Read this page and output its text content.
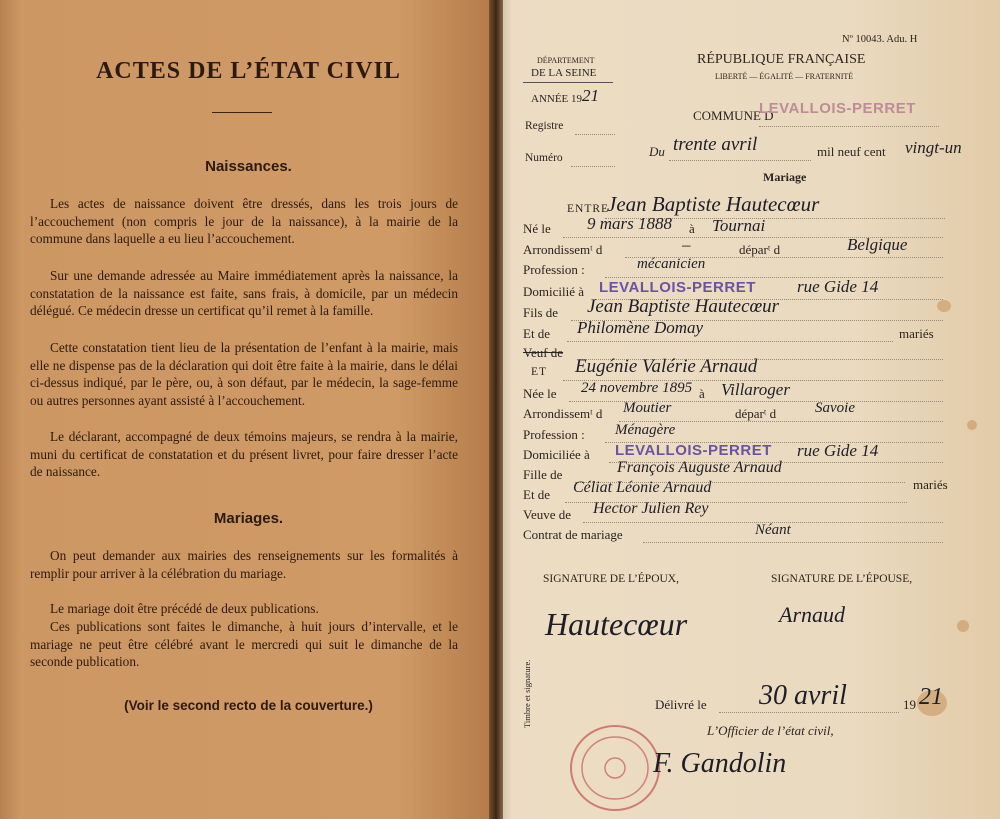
ACTES DE L’ÉTAT CIVIL
Naissances.
Les actes de naissance doivent être dressés, dans les trois jours de l’accouchement (non compris le jour de la naissance), à la mairie de la commune dans laquelle a eu lieu l’accouchement.
Sur une demande adressée au Maire immédiatement après la naissance, la constatation de la naissance est faite, sans frais, à domicile, par un médecin délégué. Ce médecin dresse un certificat qu’il remet à la famille.
Cette constatation tient lieu de la présentation de l’enfant à la mairie, mais elle ne dispense pas de la déclaration qui doit être faite à la mairie, dans le délai ci-dessus indiqué, par le père, ou, à son défaut, par le médecin, la sage-femme ou autres personnes ayant assisté à l’accouchement.
Le déclarant, accompagné de deux témoins majeurs, se rendra à la mairie, muni du certificat de constatation et du présent livret, pour faire dresser l’acte de naissance.
Mariages.
On peut demander aux mairies des renseignements sur les formalités à remplir pour arriver à la célébration du mariage.
Le mariage doit être précédé de deux publications.
Ces publications sont faites le dimanche, à huit jours d’intervalle, et le mariage ne peut être célébré avant le mercredi qui suit le dimanche de la seconde publication.
(Voir le second recto de la couverture.)
Nº 10043. Adu. H
DÉPARTEMENT
DE LA SEINE
ANNÉE 19 21
Registre
Numéro
RÉPUBLIQUE FRANÇAISE
LIBERTÉ — ÉGALITÉ — FRATERNITÉ
COMMUNE D
LEVALLOIS-PERRET
Du trente avril	mil neuf cent vingt-un
Mariage
ENTRE
Jean Baptiste Hautecœur
Né le 9 mars 1888 à Tournai
Arrondissemᵗ d	–	déparᵗ d	Belgique
Profession :	mécanicien
Domicilié à LEVALLOIS-PERRET rue Gide 14
Fils de Jean Baptiste Hautecœur
Et de Philomène Domay	mariés
Veuf de
ET Eugénie Valérie Arnaud
Née le 24 novembre 1895 à Villaroger
Arrondissemᵗ d Moutier	déparᵗ d	Savoie
Profession : Ménagère
Domiciliée à LEVALLOIS-PERRET rue Gide 14
Fille de	François Auguste Arnaud
Et de Céliat Léonie Arnaud	mariés
Veuve de Hector Julien Rey
Contrat de mariage	Néant
SIGNATURE DE L’ÉPOUX,	SIGNATURE DE L’ÉPOUSE,
Hautecœur	Arnaud
Timbre et signature.	Délivré le 30 avril	19 21
L’Officier de l’état civil,
F. Gandolin
